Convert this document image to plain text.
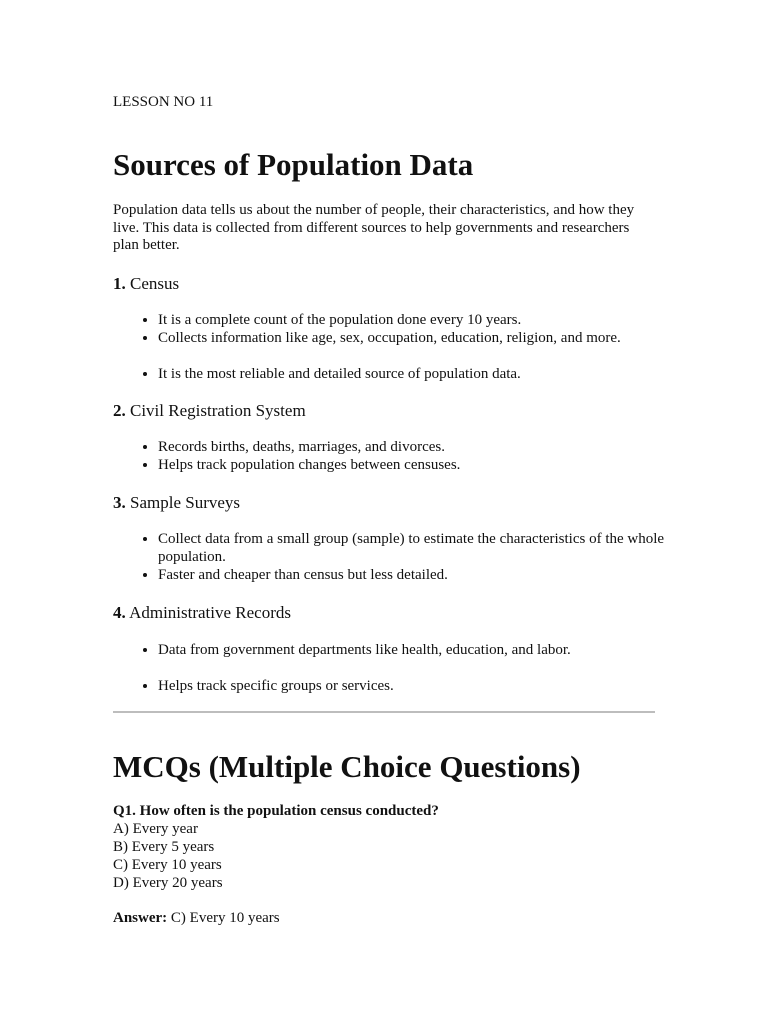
LESSON NO 11
Sources of Population Data

Population data tells us about the number of people, their characteristics, and how they live. This data is collected from different sources to help governments and researchers plan better.

1. Census
• It is a complete count of the population done every 10 years.
• Collects information like age, sex, occupation, education, religion, and more.
• It is the most reliable and detailed source of population data.
2. Civil Registration System
• Records births, deaths, marriages, and divorces.
• Helps track population changes between censuses.
3. Sample Surveys
• Collect data from a small group (sample) to estimate the characteristics of the whole population.
• Faster and cheaper than census but less detailed.
4. Administrative Records
• Data from government departments like health, education, and labor.
• Helps track specific groups or services.
MCQs (Multiple Choice Questions)
Q1. How often is the population census conducted?
A) Every year
B) Every 5 years
C) Every 10 years
D) Every 20 years
Answer: C) Every 10 years
